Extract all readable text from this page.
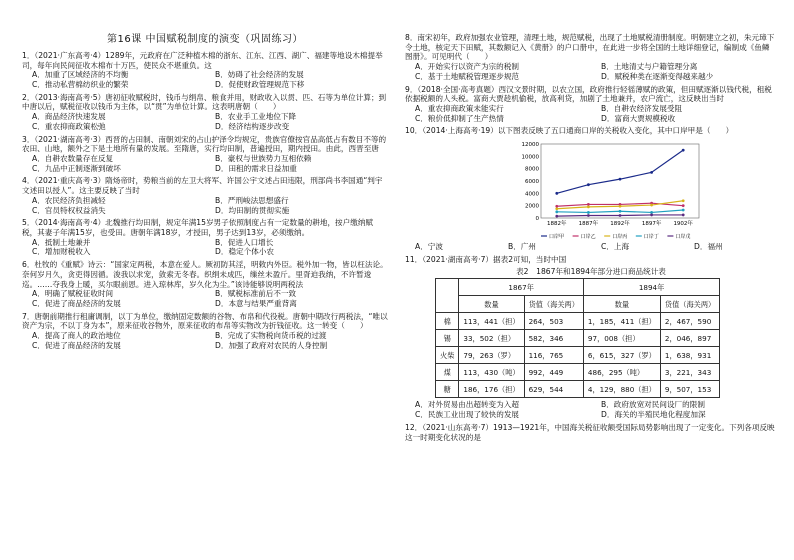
第16课 中国赋税制度的演变（巩固练习）
1．（2021·广东高考·4）1289年，元政府在广泛种植木棉的浙东、江东、江西、湖广、福建等地设木棉提举司，每年向民间征收木棉布十万匹，使民众不堪重负。这
A．加重了区域经济的不均衡	B．妨碍了社会经济的发展
C．推动私营棉纺织业的繁荣	D．促使财政管理规范下移
2．（2013·海南高考·5）唐初征收赋税时，钱币与绢帛、粮食并用，财政收入以贯、匹、石等为单位计算；到中唐以后，赋税征收以钱币为主体，以“贯”为单位计算。这表明唐朝（　　）
A．商品经济快速发展	B．农业手工业地位下降
C．重农抑商政策松弛	D．经济结构逐步改变
3．（2021·湖南高考·3）西晋的占田制、南朝刘宋的占山护泽令均规定，贵族官僚按官品高低占有数目不等的农田、山地，额外之下是土地所有量的发展。至隋唐，实行均田制，普遍授田，期内授田。由此，西晋至唐
A．自耕农数量存在反复	B．豪权与世族势力互相依赖
C．九品中正制逐渐到破坏	D．田租的需求日益加重
4．（2021·重庆高考·3）隋炀帝时，势粮当前的左卫大将军、许国公宇文述占田违限，刑部尚书李国通“判宇文述田以授人”。这主要反映了当时
A．农民经济负担减轻	B．严刑峻法思想盛行
C．官员特权权益消失	D．均田制的贯彻实施
5．（2014·海南高考·4）北魏推行均田制，规定年满15岁男子依照制度占有一定数量的耕地，按户缴纳赋税，其妻子年满15岁，也受田。唐朝年满18岁，才授田，男子达到13岁，必须缴纳。
A．抵制土地兼并	B．促进人口增长
C．增加财税收入	D．稳定个体小农
6．杜牧的《重赋》诗云：“国家定两税，本意在爱人。厥初防其淫，明敕内外臣。税外加一物，皆以枉法论。奈何岁月久，贪吏得因循。浚我以求宠，敛索无冬春。织绢未成匹，缫丝未盈斤。里胥迫我纳，不许暂逡巡。……夺我身上暖，买尔眼前恩。进入琼林库，岁久化为尘。”该诗能够说明两税法
A．明确了赋税征收时间	B．赋税标准前后不一致
C．促进了商品经济的发展	D．本意与结果严重背离
7．唐朝前期推行租庸调制，以丁为单位，缴纳固定数额的谷物、布帛和代役税。唐朝中期改行两税法，“唯以资产为宗，不以丁身为本”，原来征收谷物外，原来征收的布帛等实物改为折钱征收。这一转变（　　）
A．提高了商人的政治地位	B．完成了实物税向货币税的过渡
C．促进了商品经济的发展	D．加强了政府对农民的人身控制
8．南宋初年，政府加强农业管理，清理土地，规范赋税，出现了土地赋税清册制度。明朝建立之初，朱元璋下令土地，核定天下田赋，其数额记入《黄册》的户口册中，在此进一步将全国的土地详细登记，编制成《鱼鳞图册》。可见明代（　　）
A．开始实行以资产为宗的税制	B．土地清丈与户籍管理分离
C．基于土地赋税管理逐步规范	D．赋税种类在逐渐变得越来越少
9．（2018·全国·高考真题）西汉文景时期，以农立国，政府推行轻徭薄赋的政策，但田赋逐渐以钱代税，租税依据税额的人头税。富商大贾趁机偷税，放高利贷，加剧了土地兼并，农户流亡，这反映出当时
A．重农抑商政策未能实行	B．自耕农经济发展受阻
C．粮价低抑制了生产热情	D．富商大贾规模税收
10．（2014·上海高考·19）以下图表反映了五口通商口岸的关税收入变化，其中口岸甲是（　　）
0
2000
4000
6000
8000
10000
12000
1882年 1887年 1892年 1897年 1902年
口岸甲	口岸乙	口岸丙	口岸丁	口岸戊
A．宁波	B．广州	C．上海	D．福州
11．（2021·湖南高考·7）据表2可知，当时中国
表2　1867年和1894年部分进口商品统计表
	1867年		1894年	
	数量	货值（海关两）	数量	货值（海关两）
棉	113，441（担）	264，503	1，185，411（担）	2，467，590
锡	33，502（担）	582，346	97，008（担）	2，046，897
火柴	79，263（罗）	116，765	6，615，327（罗）	1，638，931
煤	113，430（吨）	992，449	486，295（吨）	3，221，343
糖	186，176（担）	629，544	4，129，880（担）	9，507，153
A．对外贸易由出超转变为入超	B．政府放宽对民间设厂的限制
C．民族工业出现了较快的发展	D．海关的半殖民地化程度加深
12．（2021·山东高考·7）1913—1921年，中国海关税征收额受国际局势影响出现了一定变化。下列各项反映这一时期变化状况的是
